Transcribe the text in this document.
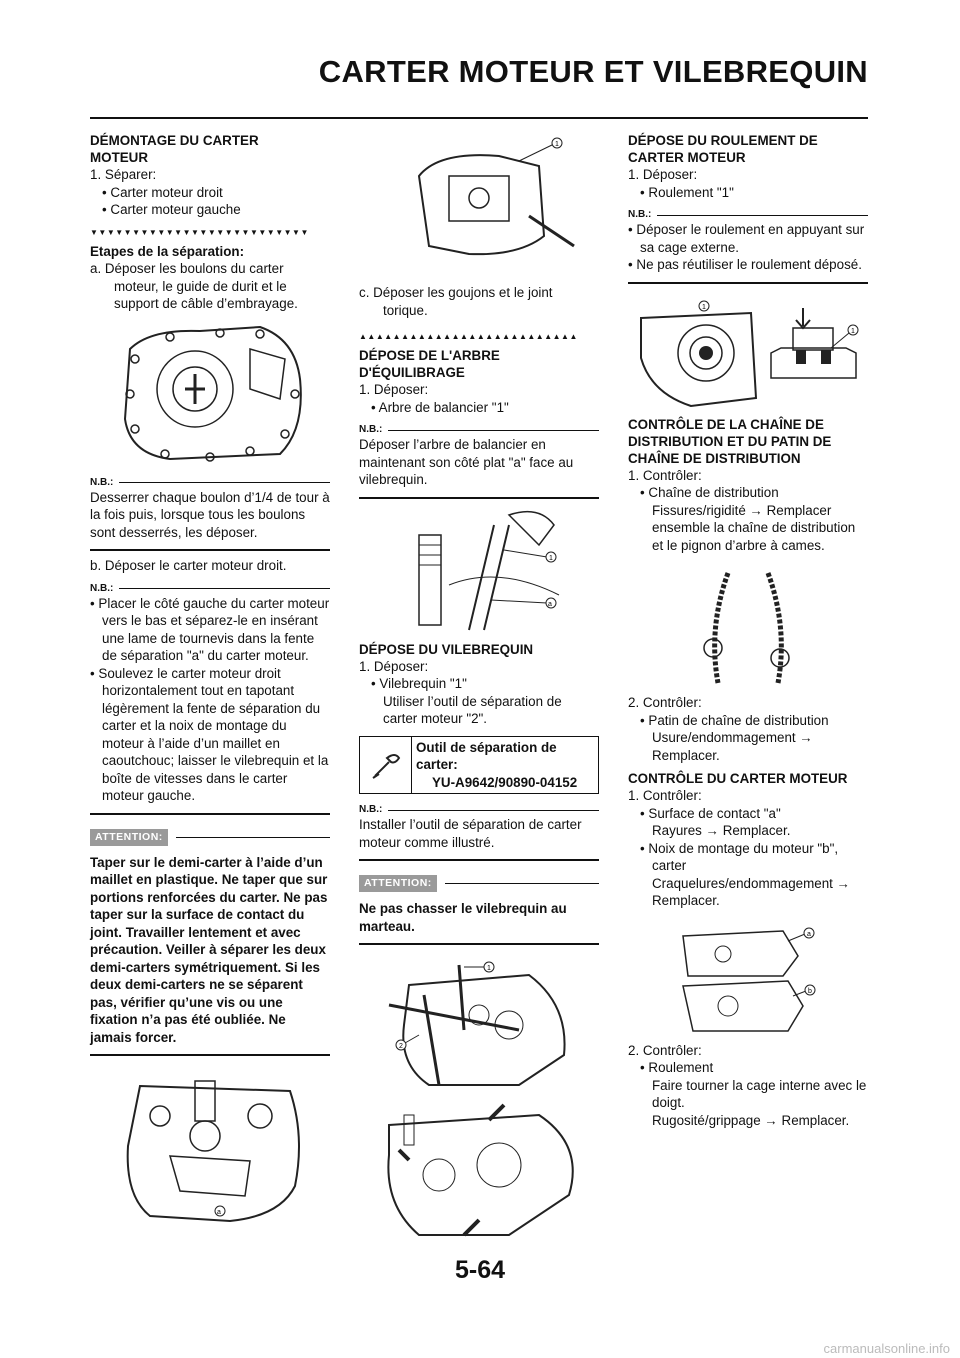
CARTER MOTEUR ET VILEBREQUIN
DÉMONTAGE DU CARTER MOTEUR
1. Séparer:
• Carter moteur droit
• Carter moteur gauche
▼▼▼▼▼▼▼▼▼▼▼▼▼▼▼▼▼▼▼▼▼▼▼▼▼▼
Etapes de la séparation:
a. Déposer les boulons du carter moteur, le guide de durit et le support de câble d’embrayage.
N.B.:
Desserrer chaque boulon d’1/4 de tour à la fois puis, lorsque tous les boulons sont desserrés, les déposer.
b. Déposer le carter moteur droit.
N.B.:
• Placer le côté gauche du carter moteur vers le bas et séparez-le en insérant une lame de tournevis dans la fente de séparation "a" du carter moteur.
• Soulevez le carter moteur droit horizontalement tout en tapotant légèrement la fente de séparation du carter et la noix de montage du moteur à l’aide d’un maillet en caoutchouc; laisser le vilebrequin et la boîte de vitesses dans le carter moteur gauche.
ATTENTION:
Taper sur le demi-carter à l’aide d’un maillet en plastique. Ne taper que sur portions renforcées du carter. Ne pas taper sur la surface de contact du joint. Travailler lentement et avec précaution. Veiller à séparer les deux demi-carters symétriquement. Si les deux demi-carters ne se séparent pas, vérifier qu’une vis ou une fixation n’a pas été oubliée. Ne jamais forcer.
a
1
c. Déposer les goujons et le joint torique.
▲▲▲▲▲▲▲▲▲▲▲▲▲▲▲▲▲▲▲▲▲▲▲▲▲▲
DÉPOSE DE L'ARBRE D'ÉQUILIBRAGE
1. Déposer:
• Arbre de balancier "1"
N.B.:
Déposer l’arbre de balancier en maintenant son côté plat "a" face au vilebrequin.
1
a
DÉPOSE DU VILEBREQUIN
1. Déposer:
• Vilebrequin "1"
Utiliser l’outil de séparation de carter moteur "2".
Outil de séparation de carter:
YU-A9642/90890-04152
N.B.:
Installer l’outil de séparation de carter moteur comme illustré.
ATTENTION:
Ne pas chasser le vilebrequin au marteau.
1
2
DÉPOSE DU ROULEMENT DE CARTER MOTEUR
1. Déposer:
• Roulement "1"
N.B.:
• Déposer le roulement en appuyant sur sa cage externe.
• Ne pas réutiliser le roulement déposé.
1
1
CONTRÔLE DE LA CHAÎNE DE DISTRIBUTION ET DU PATIN DE CHAÎNE DE DISTRIBUTION
1. Contrôler:
• Chaîne de distribution
Fissures/rigidité → Remplacer ensemble la chaîne de distribution et le pignon d’arbre à cames.
2. Contrôler:
• Patin de chaîne de distribution
Usure/endommagement → Remplacer.
CONTRÔLE DU CARTER MOTEUR
1. Contrôler:
• Surface de contact "a"
Rayures → Remplacer.
• Noix de montage du moteur "b", carter
Craquelures/endommagement → Remplacer.
a
b
2. Contrôler:
• Roulement
Faire tourner la cage interne avec le doigt.
Rugosité/grippage → Remplacer.
5-64
carmanualsonline.info
